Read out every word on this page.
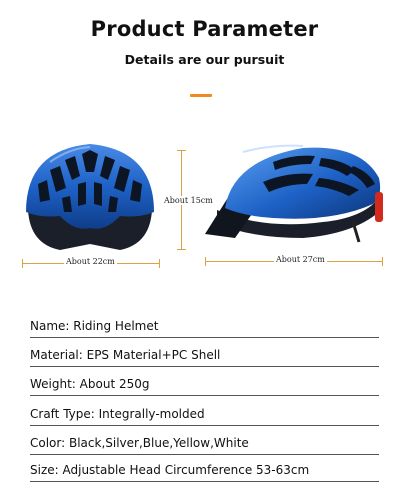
Product Parameter
Details are our pursuit
About 22cm
About 15cm
About 27cm
Name: Riding Helmet
Material: EPS Material+PC Shell
Weight: About 250g
Craft Type: Integrally-molded
Color: Black,Silver,Blue,Yellow,White
Size: Adjustable Head Circumference 53-63cm
